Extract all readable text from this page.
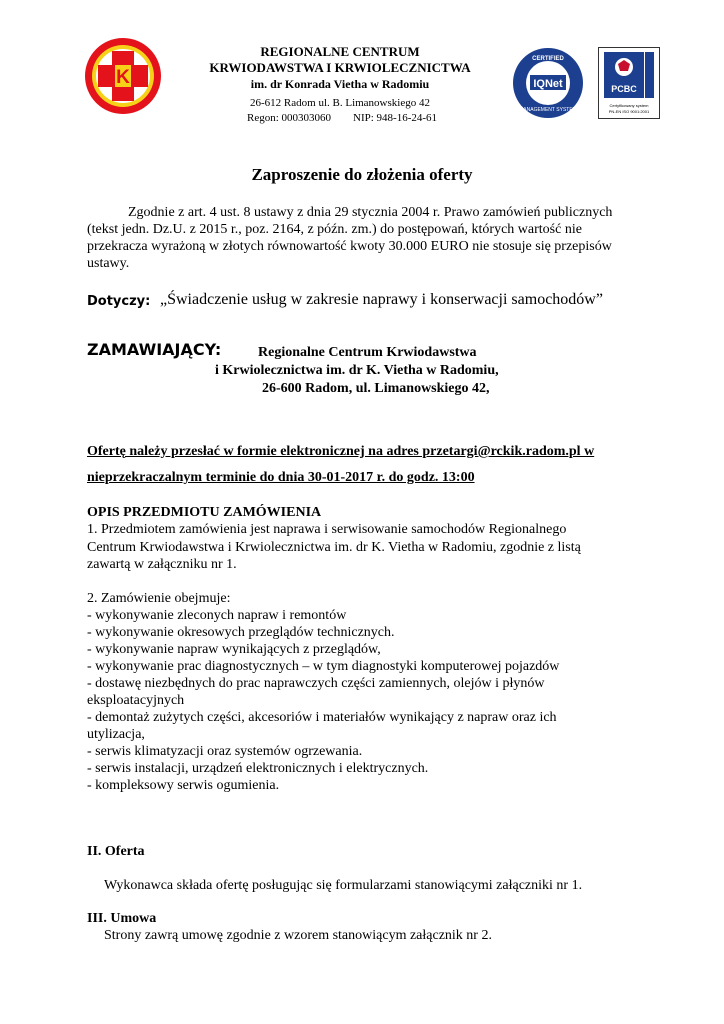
K
REGIONALNE CENTRUM
KRWIODAWSTWA I KRWIOLECZNICTWA
im. dr Konrada Vietha w Radomiu
26-612 Radom ul. B. Limanowskiego 42
Regon: 000303060 NIP: 948-16-24-61
IQNet
CERTIFIED
MANAGEMENT SYSTEM
PCBC
Certyfikowany system
PN-EN ISO 9001:2001
Zaproszenie do złożenia oferty
Zgodnie z art. 4 ust. 8 ustawy z dnia 29 stycznia 2004 r. Prawo zamówień publicznych
(tekst jedn. Dz.U. z 2015 r., poz. 2164, z późn. zm.) do postępowań, których wartość nie
przekracza wyrażoną w złotych równowartość kwoty 30.000 EURO nie stosuje się przepisów
ustawy.
Dotyczy: „Świadczenie usług w zakresie naprawy i konserwacji samochodów”
ZAMAWIAJĄCY:	Regionalne Centrum Krwiodawstwa
i Krwiolecznictwa im. dr K. Vietha w Radomiu,
26-600 Radom, ul. Limanowskiego 42,
Ofertę należy przesłać w formie elektronicznej na adres przetargi@rckik.radom.pl w
nieprzekraczalnym terminie do dnia 30-01-2017 r. do godz. 13:00
OPIS PRZEDMIOTU ZAMÓWIENIA
1. Przedmiotem zamówienia jest naprawa i serwisowanie samochodów Regionalnego
Centrum Krwiodawstwa i Krwiolecznictwa im. dr K. Vietha w Radomiu, zgodnie z listą
zawartą w załączniku nr 1.
2. Zamówienie obejmuje:
- wykonywanie zleconych napraw i remontów
- wykonywanie okresowych przeglądów technicznych.
- wykonywanie napraw wynikających z przeglądów,
- wykonywanie prac diagnostycznych – w tym diagnostyki komputerowej pojazdów
- dostawę niezbędnych do prac naprawczych części zamiennych, olejów i płynów
eksploatacyjnych
- demontaż zużytych części, akcesoriów i materiałów wynikający z napraw oraz ich
utylizacja,
- serwis klimatyzacji oraz systemów ogrzewania.
- serwis instalacji, urządzeń elektronicznych i elektrycznych.
- kompleksowy serwis ogumienia.
II. Oferta
Wykonawca składa ofertę posługując się formularzami stanowiącymi załączniki nr 1.
III. Umowa
Strony zawrą umowę zgodnie z wzorem stanowiącym załącznik nr 2.
